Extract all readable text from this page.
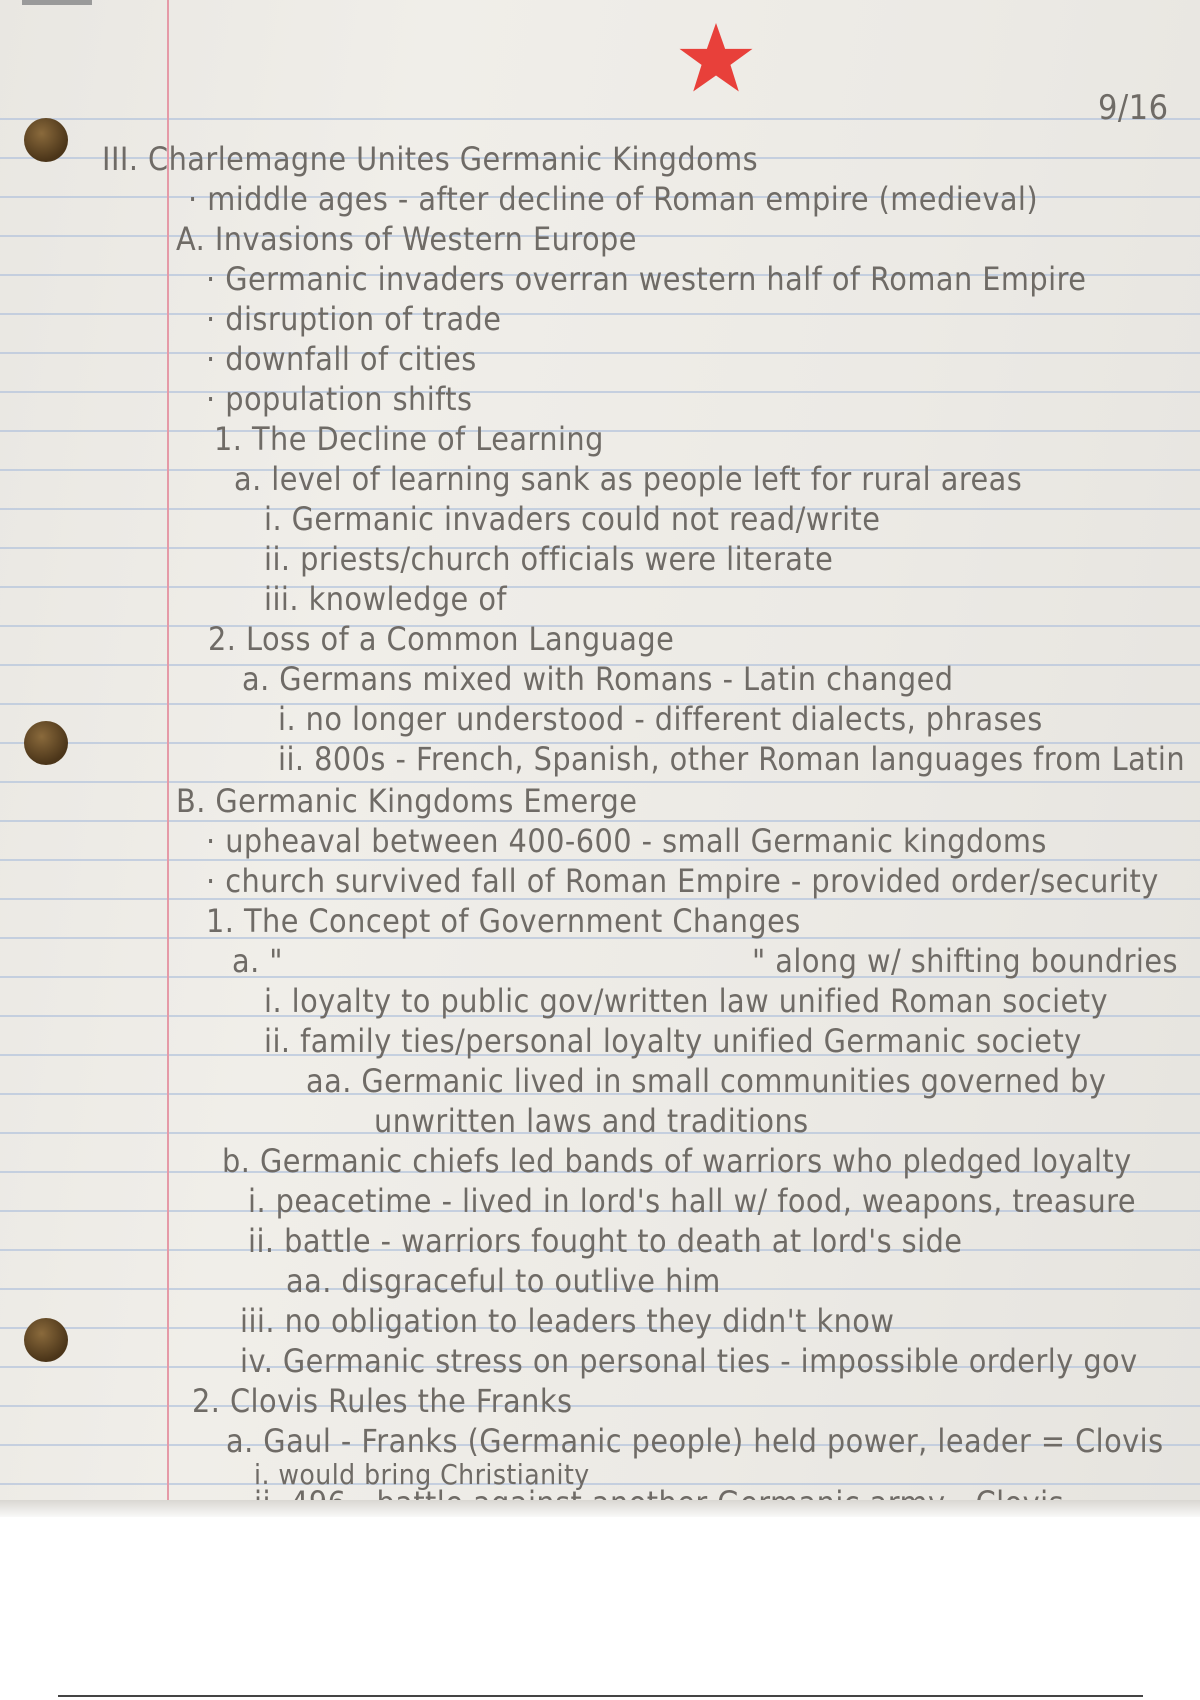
9/16
III. Charlemagne Unites Germanic Kingdoms
· middle ages - after decline of Roman empire (medieval)
A. Invasions of Western Europe
· Germanic invaders overran western half of Roman Empire
· disruption of trade
· downfall of cities
· population shifts
1. The Decline of Learning
a. level of learning sank as people left for rural areas
i. Germanic invaders could not read/write
ii. priests/church officials were literate
iii. knowledge of
2. Loss of a Common Language
a. Germans mixed with Romans - Latin changed
i. no longer understood - different dialects, phrases
ii. 800s - French, Spanish, other Roman languages from Latin
B. Germanic Kingdoms Emerge
· upheaval between 400-600 - small Germanic kingdoms
· church survived fall of Roman Empire - provided order/security
1. The Concept of Government Changes
a. "	" along w/ shifting boundries
i. loyalty to public gov/written law unified Roman society
ii. family ties/personal loyalty unified Germanic society
aa. Germanic lived in small communities governed by
unwritten laws and traditions
b. Germanic chiefs led bands of warriors who pledged loyalty
i. peacetime - lived in lord's hall w/ food, weapons, treasure
ii. battle - warriors fought to death at lord's side
aa. disgraceful to outlive him
iii. no obligation to leaders they didn't know
iv. Germanic stress on personal ties - impossible orderly gov
2. Clovis Rules the Franks
a. Gaul - Franks (Germanic people) held power, leader = Clovis
i. would bring Christianity
